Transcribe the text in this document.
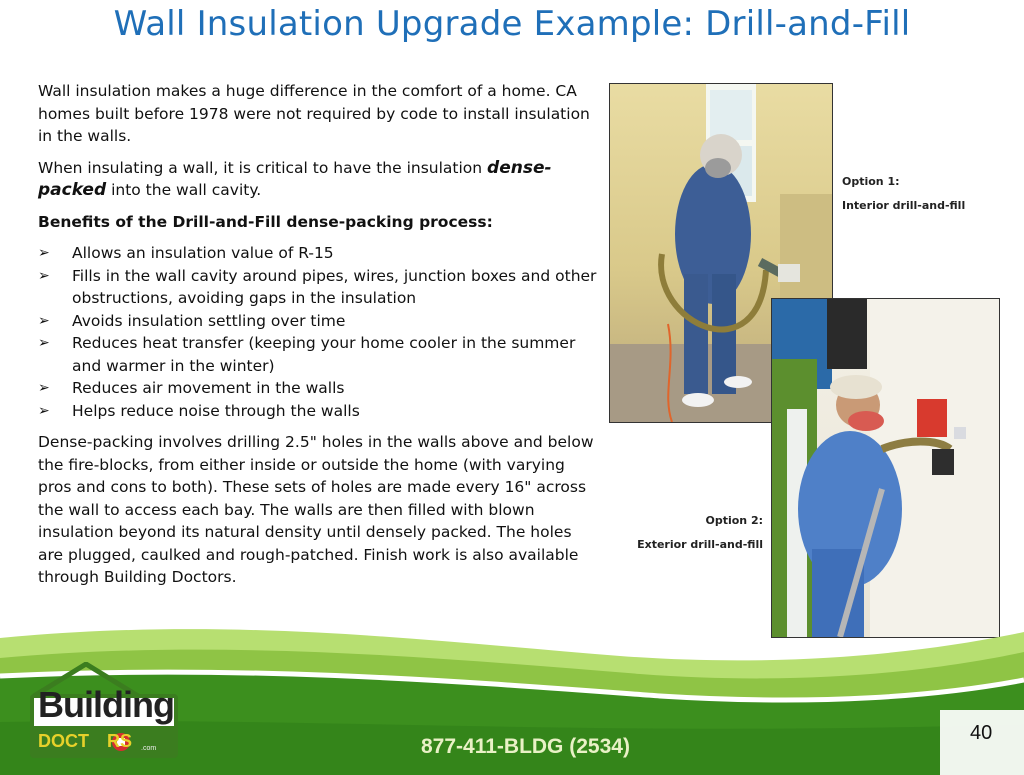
Wall Insulation Upgrade Example: Drill-and-Fill

Wall insulation makes a huge difference in the comfort of a home. CA homes built before 1978 were not required by code to install insulation in the walls.

When insulating a wall, it is critical to have the insulation dense-packed into the wall cavity.

Benefits of the Drill-and-Fill dense-packing process:

➢ Allows an insulation value of R-15
➢ Fills in the wall cavity around pipes, wires, junction boxes and other obstructions, avoiding gaps in the insulation
➢ Avoids insulation settling over time
➢ Reduces heat transfer (keeping your home cooler in the summer and warmer in the winter)
➢ Reduces air movement in the walls
➢ Helps reduce noise through the walls

Dense-packing involves drilling 2.5" holes in the walls above and below the fire-blocks, from either inside or outside the home (with varying pros and cons to both). These sets of holes are made every 16" across the wall to access each bay. The walls are then filled with blown insulation beyond its natural density until densely packed. The holes are plugged, caulked and rough-patched. Finish work is also available through Building Doctors.

Option 1:
Interior drill-and-fill
Option 2:
Exterior drill-and-fill
Building
DOCT RS .com	877-411-BLDG (2534)
40
